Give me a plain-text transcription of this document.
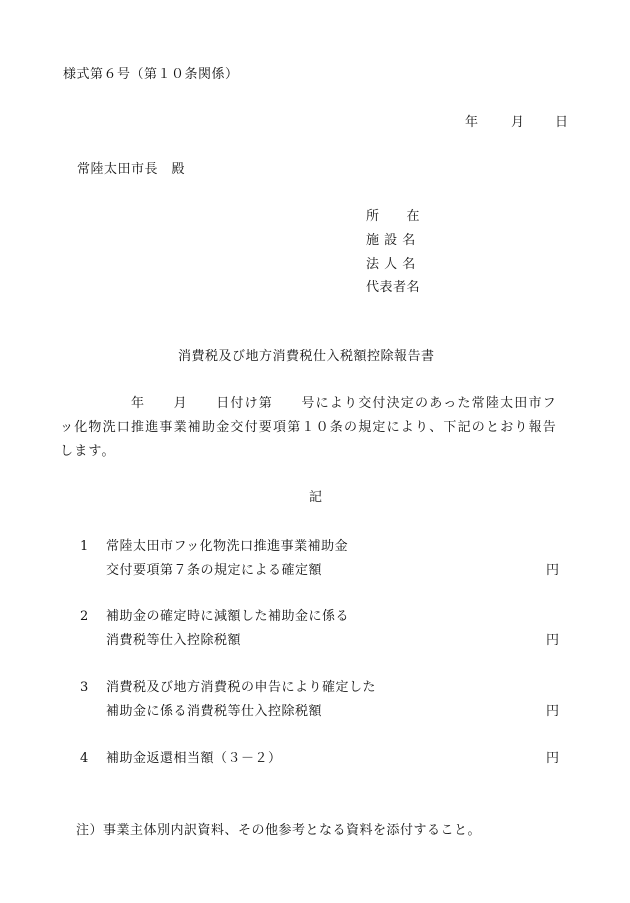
様式第６号（第１０条関係）
年 月 日
常陸太田市長　殿
所　　在
施 設 名
法 人 名
代表者名
消費税及び地方消費税仕入税額控除報告書
　　　　　年　　月　　日付け第　　号により交付決定のあった常陸太田市フ
ッ化物洗口推進事業補助金交付要項第１０条の規定により、下記のとおり報告
します。
記
1 常陸太田市フッ化物洗口推進事業補助金
交付要項第７条の規定による確定額	円
2 補助金の確定時に減額した補助金に係る
消費税等仕入控除税額	円
3 消費税及び地方消費税の申告により確定した
補助金に係る消費税等仕入控除税額	円
4 補助金返還相当額（３－２）	円
注）事業主体別内訳資料、その他参考となる資料を添付すること。
